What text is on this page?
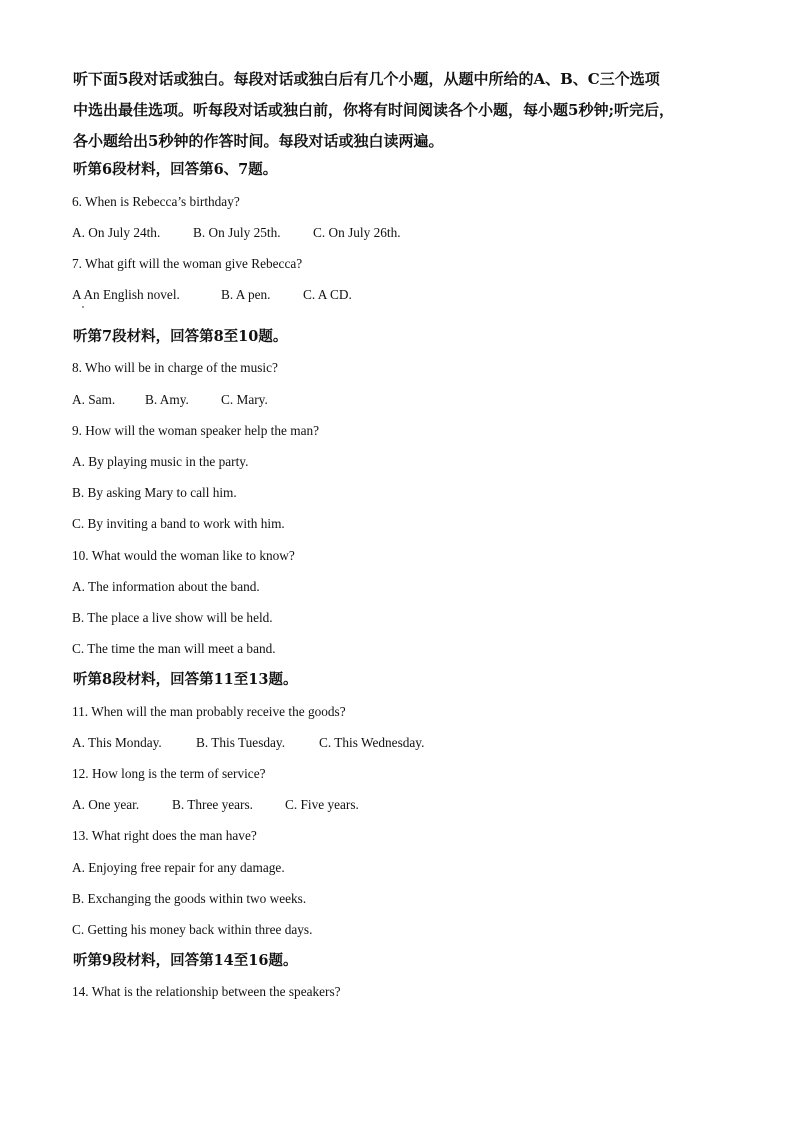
听下面5段对话或独白。每段对话或独白后有几个小题，从题中所给的A、B、C三个选项
中选出最佳选项。听每段对话或独白前，你将有时间阅读各个小题，每小题5秒钟;听完后，
各小题给出5秒钟的作答时间。每段对话或独白读两遍。
听第6段材料，回答第6、7题。
6. When is Rebecca’s birthday?
A. On July 24th. B. On July 25th. C. On July 26th.
7. What gift will the woman give Rebecca?
A An English novel.	B. A pen. C. A CD.
听第7段材料，回答第8至10题。
8. Who will be in charge of the music?
A. Sam. B. Amy. C. Mary.
9. How will the woman speaker help the man?
A. By playing music in the party.
B. By asking Mary to call him.
C. By inviting a band to work with him.
10. What would the woman like to know?
A. The information about the band.
B. The place a live show will be held.
C. The time the man will meet a band.
听第8段材料，回答第11至13题。
11. When will the man probably receive the goods?
A. This Monday.	B. This Tuesday.	C. This Wednesday.
12. How long is the term of service?
A. One year. B. Three years. C. Five years.
13. What right does the man have?
A. Enjoying free repair for any damage.
B. Exchanging the goods within two weeks.
C. Getting his money back within three days.
听第9段材料，回答第14至16题。
14. What is the relationship between the speakers?
